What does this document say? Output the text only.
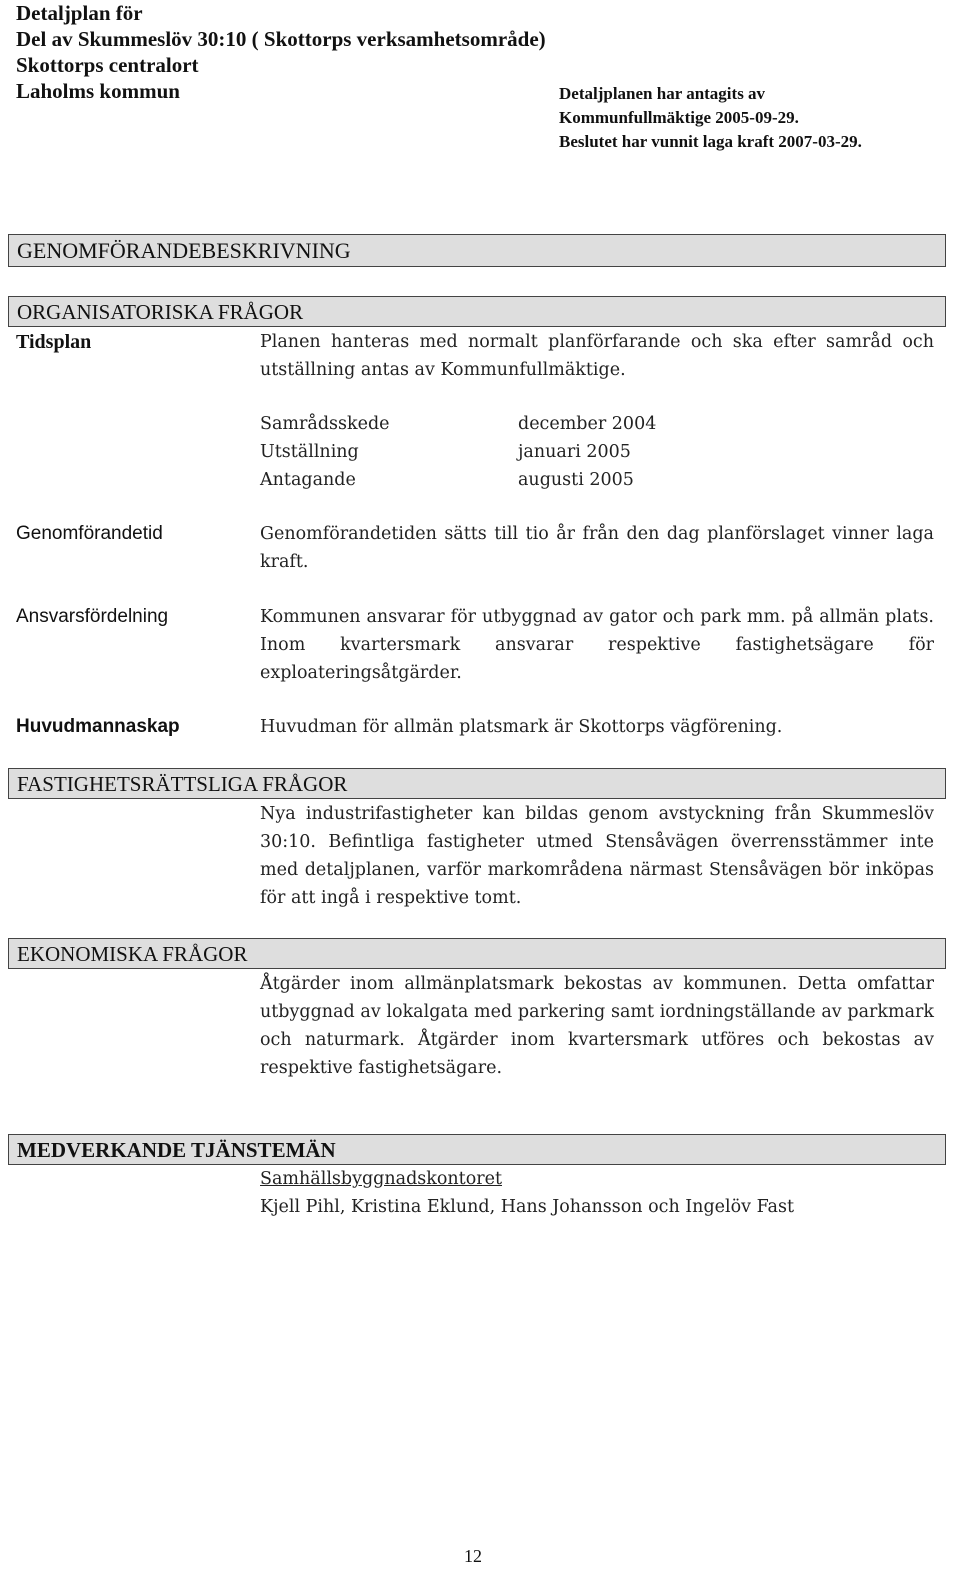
Detaljplan för
Del av Skummeslöv 30:10 ( Skottorps verksamhetsområde)
Skottorps centralort
Laholms kommun	Detaljplanen har antagits av
Kommunfullmäktige 2005-09-29.
Beslutet har vunnit laga kraft 2007-03-29.
GENOMFÖRANDEBESKRIVNING
ORGANISATORISKA FRÅGOR
Tidsplan	Planen hanteras med normalt planförfarande och ska efter samråd och utställning antas av Kommunfullmäktige.
Samrådsskede	december 2004
Utställning	januari 2005
Antagande	augusti 2005
Genomförandetid	Genomförandetiden sätts till tio år från den dag planförslaget vinner laga kraft.
Ansvarsfördelning	Kommunen ansvarar för utbyggnad av gator och park mm. på allmän plats. Inom kvartersmark ansvarar respektive fastighetsägare för exploateringsåtgärder.
Huvudmannaskap	Huvudman för allmän platsmark är Skottorps vägförening.
FASTIGHETSRÄTTSLIGA FRÅGOR
Nya industrifastigheter kan bildas genom avstyckning från Skummeslöv 30:10. Befintliga fastigheter utmed Stensåvägen överrensstämmer inte med detaljplanen, varför markområdena närmast Stensåvägen bör inköpas för att ingå i respektive tomt.
EKONOMISKA FRÅGOR
Åtgärder inom allmänplatsmark bekostas av kommunen. Detta omfattar utbyggnad av lokalgata med parkering samt iordningställande av parkmark och naturmark. Åtgärder inom kvartersmark utföres och bekostas av respektive fastighetsägare.
MEDVERKANDE TJÄNSTEMÄN
Samhällsbyggnadskontoret
Kjell Pihl, Kristina Eklund, Hans Johansson och Ingelöv Fast
12
